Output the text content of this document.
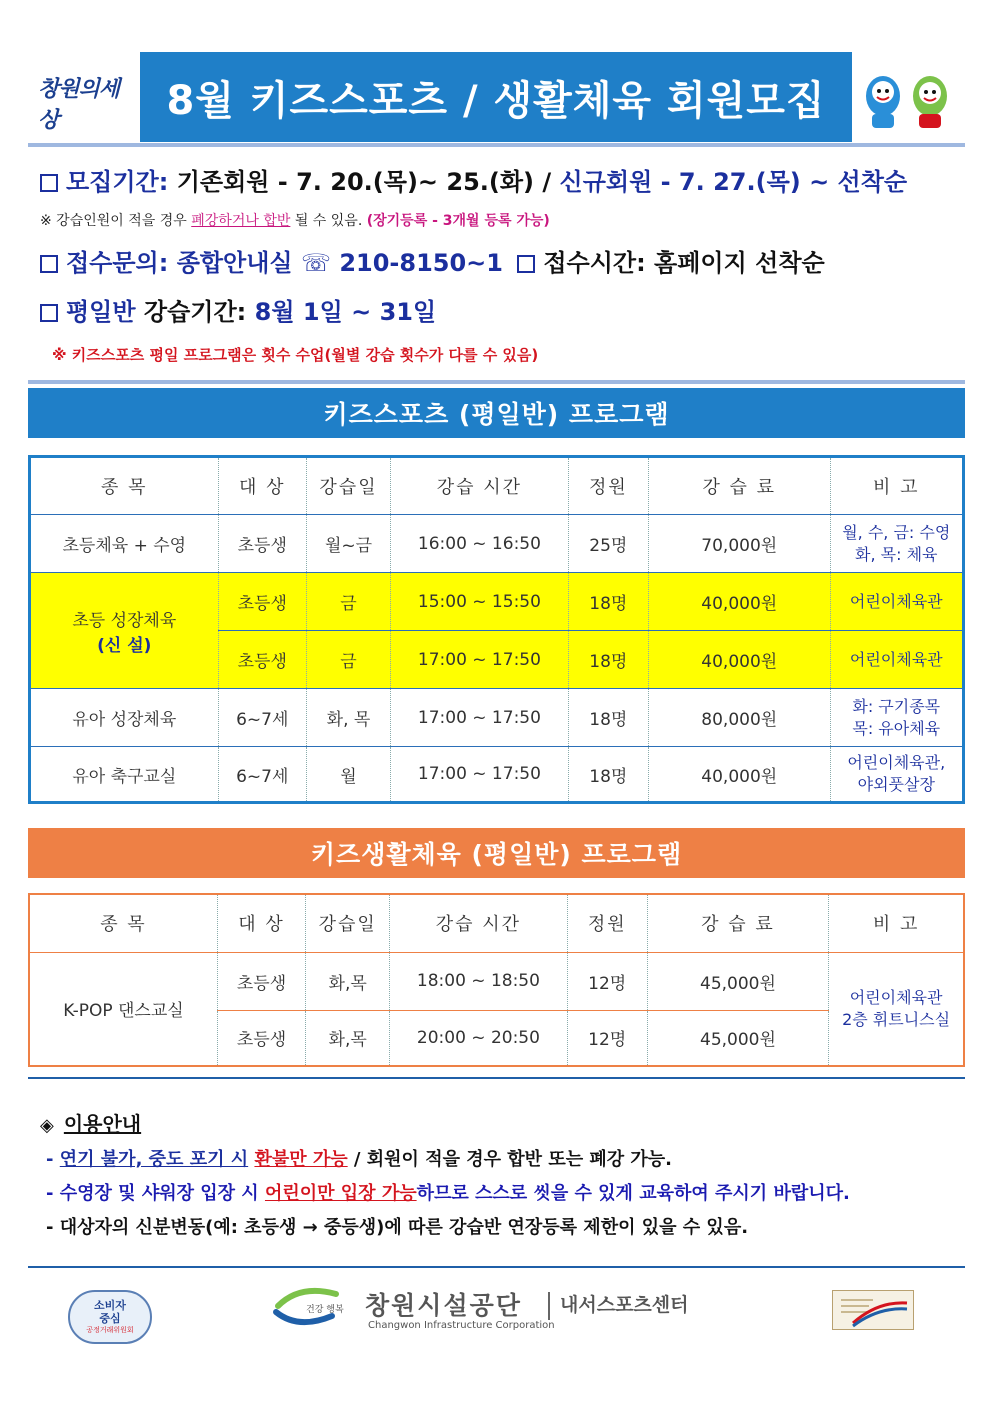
창원의세상	8월 키즈스포츠 / 생활체육 회원모집
모집기간: 기존회원 - 7. 20.(목)~ 25.(화) / 신규회원 - 7. 27.(목) ~ 선착순
※ 강습인원이 적을 경우 폐강하거나 합반 될 수 있음. (장기등록 - 3개월 등록 가능)
접수문의: 종합안내실 ☏ 210-8150~1 접수시간: 홈페이지 선착순
평일반 강습기간: 8월 1일 ~ 31일
※ 키즈스포츠 평일 프로그램은 횟수 수업(월별 강습 횟수가 다를 수 있음)
키즈스포츠 (평일반) 프로그램
종 목	대 상	강습일	강습 시간	정원	강 습 료	비 고
초등체육 + 수영	초등생	월~금	16:00 ~ 16:50	25명	70,000원	월, 수, 금: 수영
화, 목: 체육
초등 성장체육
(신 설)	초등생	금	15:00 ~ 15:50	18명	40,000원	어린이체육관
	초등생	금	17:00 ~ 17:50	18명	40,000원	어린이체육관
유아 성장체육	6~7세	화, 목	17:00 ~ 17:50	18명	80,000원	화: 구기종목
목: 유아체육
유아 축구교실	6~7세	월	17:00 ~ 17:50	18명	40,000원	어린이체육관,
야외풋살장
키즈생활체육 (평일반) 프로그램
종 목	대 상	강습일	강습 시간	정원	강 습 료	비 고
K-POP 댄스교실	초등생	화,목	18:00 ~ 18:50	12명	45,000원	어린이체육관
2층 휘트니스실
	초등생	화,목	20:00 ~ 20:50	12명	45,000원	
◈ 이용안내
- 연기 불가, 중도 포기 시 환불만 가능 / 회원이 적을 경우 합반 또는 폐강 가능.
- 수영장 및 샤워장 입장 시 어린이만 입장 가능하므로 스스로 씻을 수 있게 교육하여 주시기 바랍니다.
- 대상자의 신분변동(예: 초등생 → 중등생)에 따른 강습반 연장등록 제한이 있을 수 있음.
소비자
중심
공정거래위원회
건강 행복 창원시설공단
Changwon Infrastructure Corporation
내서스포츠센터
